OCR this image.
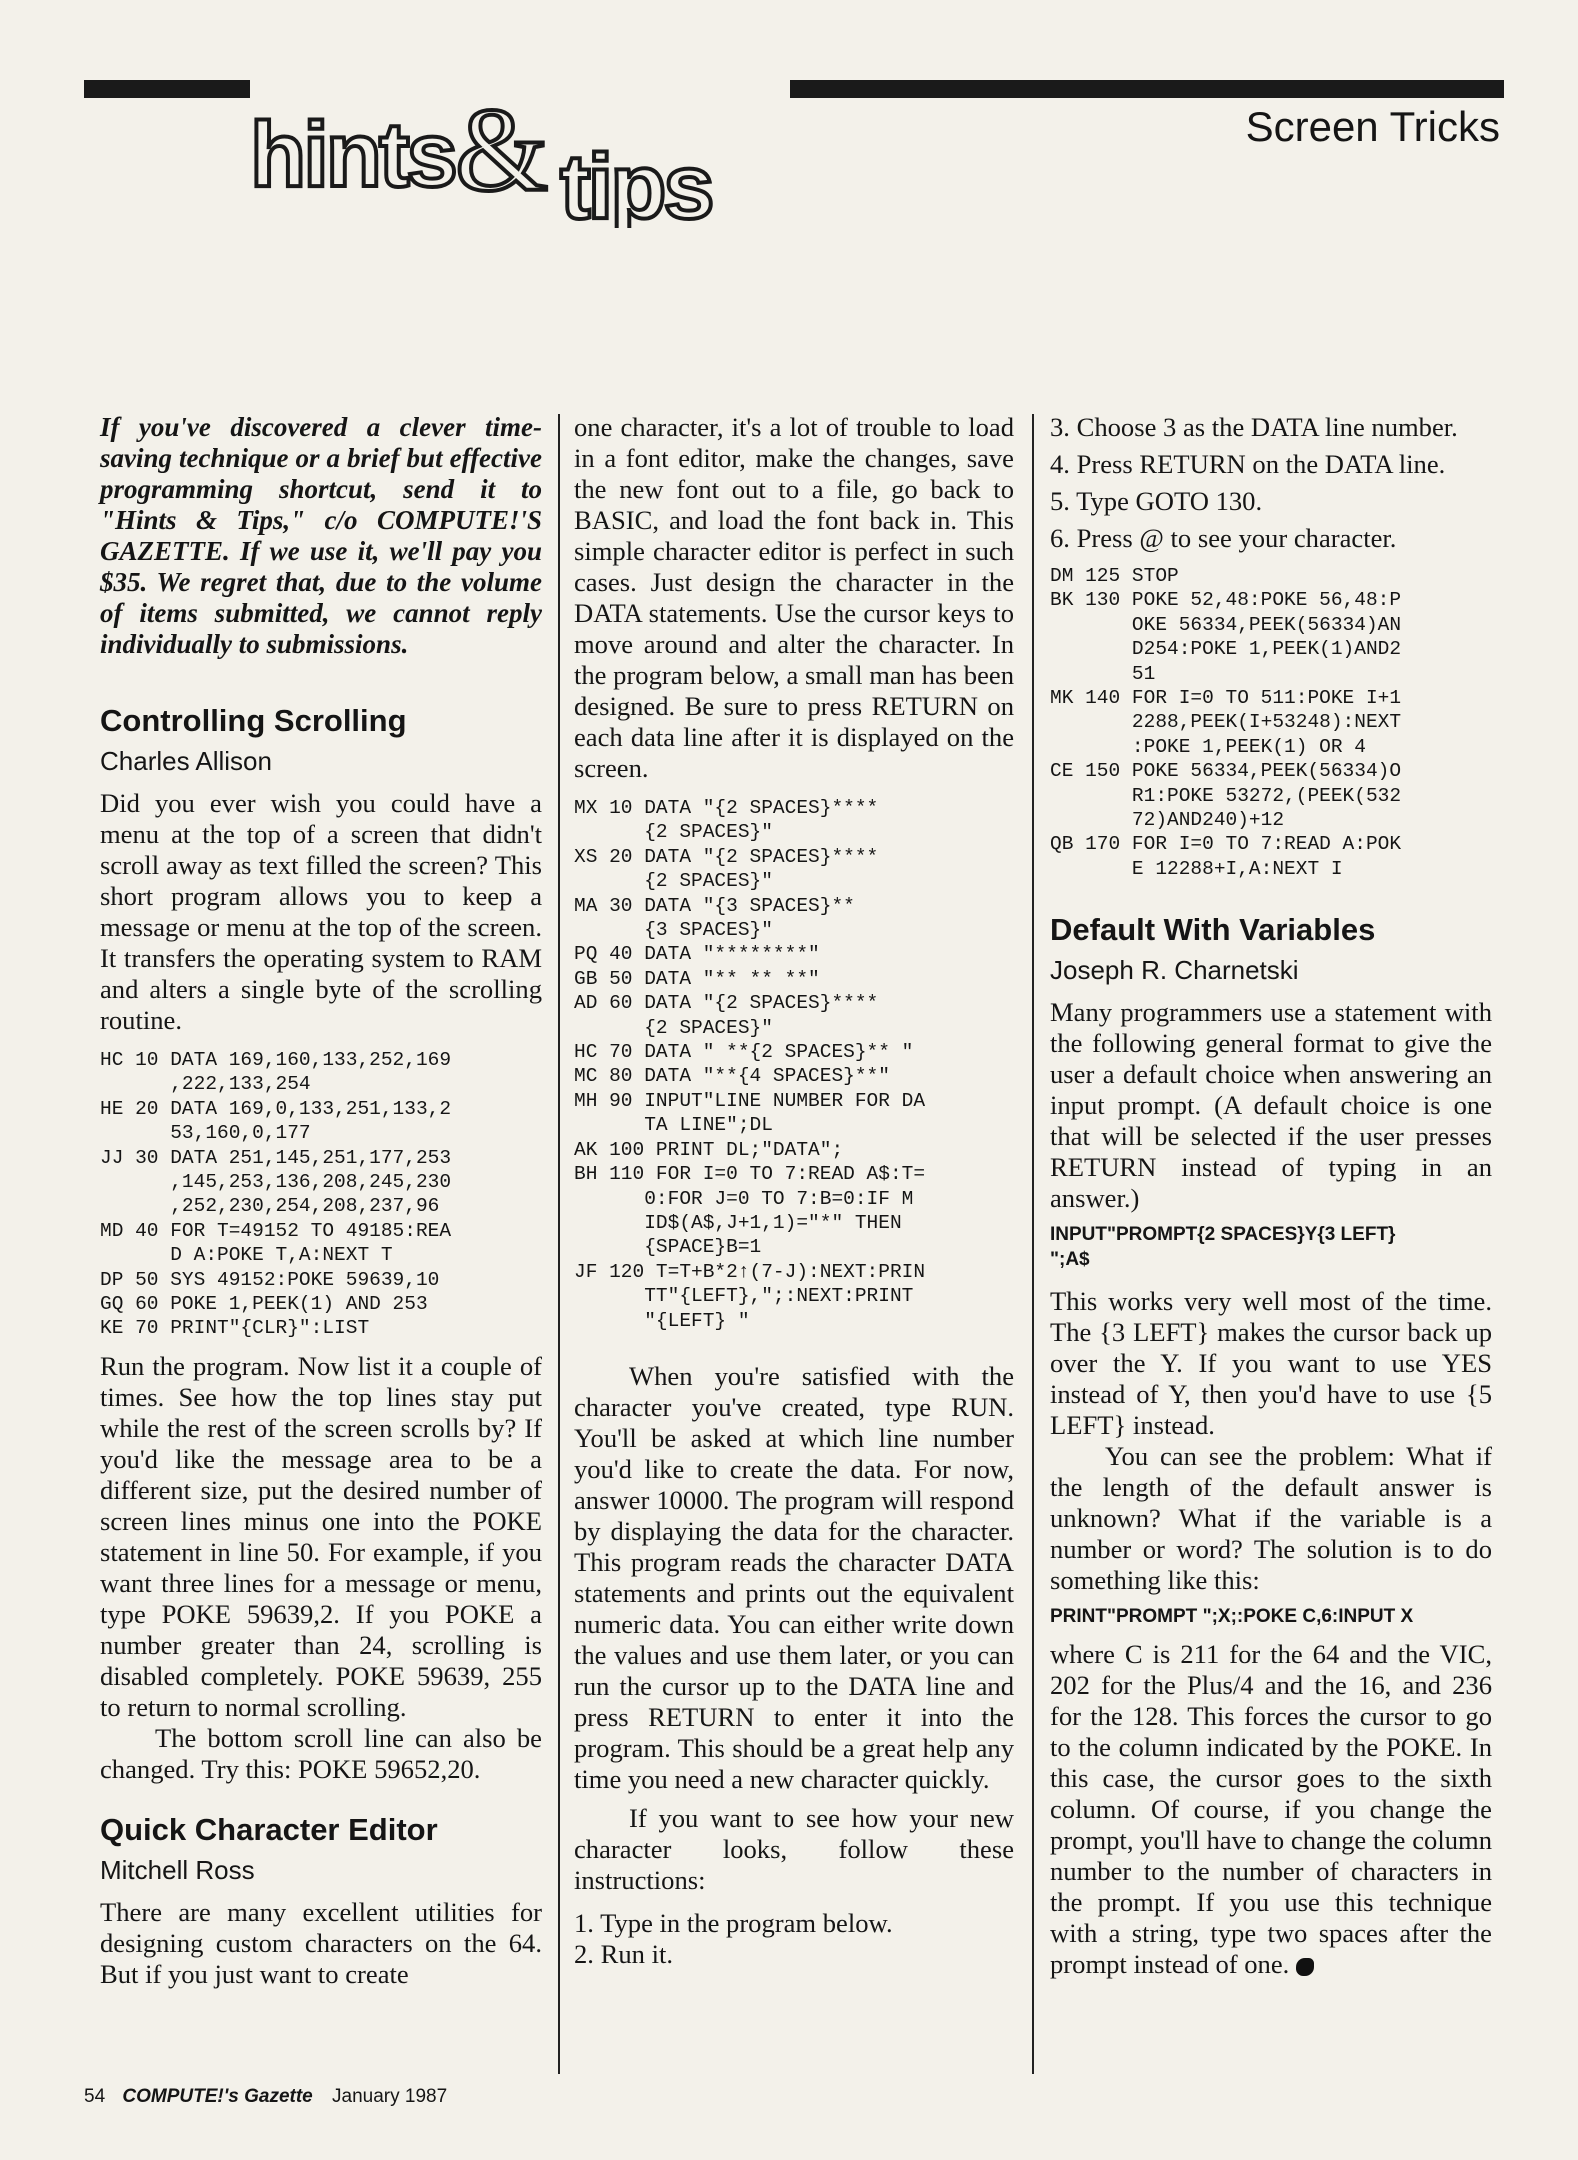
hints & tips
Screen Tricks

If you've discovered a clever time-saving technique or a brief but effective programming shortcut, send it to "Hints & Tips," c/o COMPUTE!'S GAZETTE. If we use it, we'll pay you $35. We regret that, due to the volume of items submitted, we cannot reply individually to submissions.

Controlling Scrolling
Charles Allison

Did you ever wish you could have a menu at the top of a screen that didn't scroll away as text filled the screen? This short program allows you to keep a message or menu at the top of the screen. It transfers the operating system to RAM and alters a single byte of the scrolling routine.

HC 10 DATA 169,160,133,252,169
,222,133,254
HE 20 DATA 169,0,133,251,133,2
53,160,0,177
JJ 30 DATA 251,145,251,177,253
,145,253,136,208,245,230
,252,230,254,208,237,96
MD 40 FOR T=49152 TO 49185:REA
D A:POKE T,A:NEXT T
DP 50 SYS 49152:POKE 59639,10
GQ 60 POKE 1,PEEK(1) AND 253
KE 70 PRINT"{CLR}":LIST

Run the program. Now list it a couple of times. See how the top lines stay put while the rest of the screen scrolls by? If you'd like the message area to be a different size, put the desired number of screen lines minus one into the POKE statement in line 50. For example, if you want three lines for a message or menu, type POKE 59639,2. If you POKE a number greater than 24, scrolling is disabled completely. POKE 59639, 255 to return to normal scrolling.

The bottom scroll line can also be changed. Try this: POKE 59652,20.

Quick Character Editor
Mitchell Ross

There are many excellent utilities for designing custom characters on the 64. But if you just want to create

one character, it's a lot of trouble to load in a font editor, make the changes, save the new font out to a file, go back to BASIC, and load the font back in. This simple character editor is perfect in such cases. Just design the character in the DATA statements. Use the cursor keys to move around and alter the character. In the program below, a small man has been designed. Be sure to press RETURN on each data line after it is displayed on the screen.

MX 10 DATA "{2 SPACES}****
{2 SPACES}"
XS 20 DATA "{2 SPACES}****
{2 SPACES}"
MA 30 DATA "{3 SPACES}**
{3 SPACES}"
PQ 40 DATA "********"
GB 50 DATA "** ** **"
AD 60 DATA "{2 SPACES}****
{2 SPACES}"
HC 70 DATA " **{2 SPACES}** "
MC 80 DATA "**{4 SPACES}**"
MH 90 INPUT"LINE NUMBER FOR DA
TA LINE";DL
AK 100 PRINT DL;"DATA";
BH 110 FOR I=0 TO 7:READ A$:T=
0:FOR J=0 TO 7:B=0:IF M
ID$(A$,J+1,1)="*" THEN
{SPACE}B=1
JF 120 T=T+B*2↑(7-J):NEXT:PRIN
TT"{LEFT},";:NEXT:PRINT
"{LEFT} "

When you're satisfied with the character you've created, type RUN. You'll be asked at which line number you'd like to create the data. For now, answer 10000. The program will respond by displaying the data for the character. This program reads the character DATA statements and prints out the equivalent numeric data. You can either write down the values and use them later, or you can run the cursor up to the DATA line and press RETURN to enter it into the program. This should be a great help any time you need a new character quickly.

If you want to see how your new character looks, follow these instructions:

1. Type in the program below.
2. Run it.
3. Choose 3 as the DATA line number.
4. Press RETURN on the DATA line.
5. Type GOTO 130.
6. Press @ to see your character.
DM 125 STOP
BK 130 POKE 52,48:POKE 56,48:P
OKE 56334,PEEK(56334)AN
D254:POKE 1,PEEK(1)AND2
51
MK 140 FOR I=0 TO 511:POKE I+1
2288,PEEK(I+53248):NEXT
:POKE 1,PEEK(1) OR 4
CE 150 POKE 56334,PEEK(56334)O
R1:POKE 53272,(PEEK(532
72)AND240)+12
QB 170 FOR I=0 TO 7:READ A:POK
E 12288+I,A:NEXT I
Default With Variables
Joseph R. Charnetski

Many programmers use a statement with the following general format to give the user a default choice when answering an input prompt. (A default choice is one that will be selected if the user presses RETURN instead of typing in an answer.)

INPUT"PROMPT{2 SPACES}Y{3 LEFT}
";A$

This works very well most of the time. The {3 LEFT} makes the cursor back up over the Y. If you want to use YES instead of Y, then you'd have to use {5 LEFT} instead.

You can see the problem: What if the length of the default answer is unknown? What if the variable is a number or word? The solution is to do something like this:

PRINT"PROMPT ";X;:POKE C,6:INPUT X

where C is 211 for the 64 and the VIC, 202 for the Plus/4 and the 16, and 236 for the 128. This forces the cursor to go to the column indicated by the POKE. In this case, the cursor goes to the sixth column. Of course, if you change the prompt, you'll have to change the column number to the number of characters in the prompt. If you use this technique with a string, type two spaces after the prompt instead of one.

54 COMPUTE!'s Gazette January 1987
